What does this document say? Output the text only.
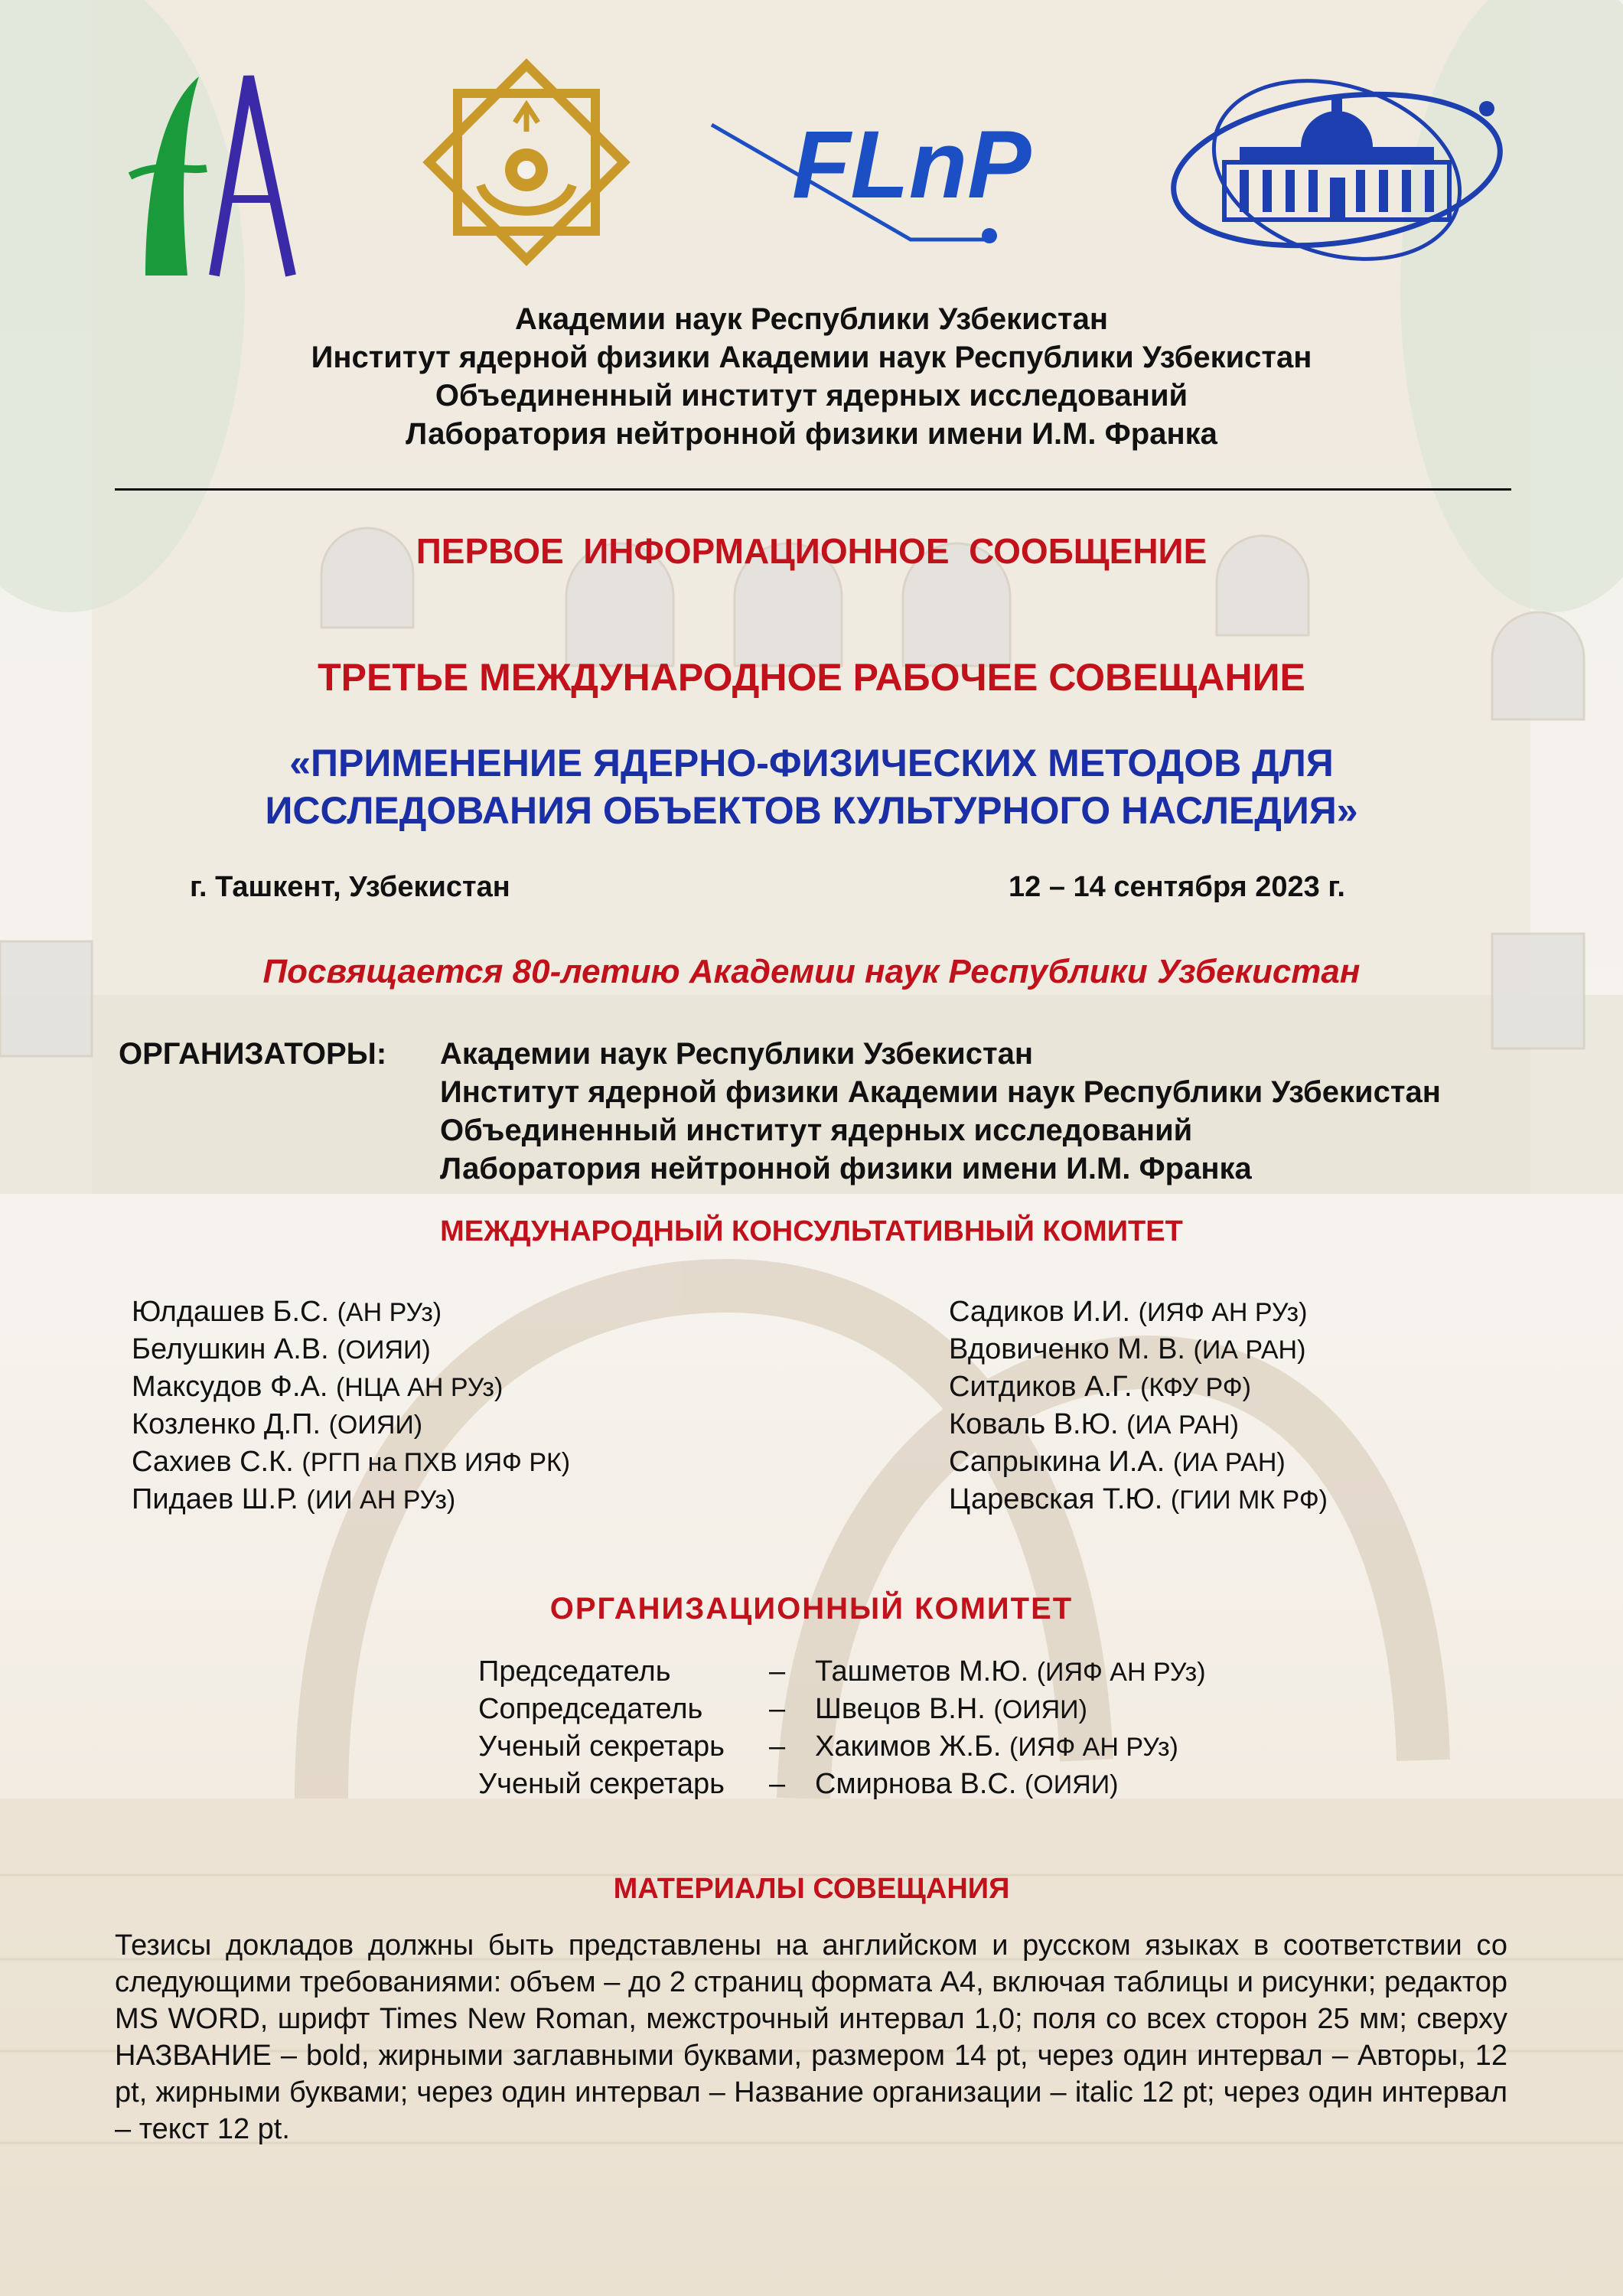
FLnP
Академии наук Республики Узбекистан
Институт ядерной физики Академии наук Республики Узбекистан
Объединенный институт ядерных исследований
Лаборатория нейтронной физики имени И.М. Франка
ПЕРВОЕ  ИНФОРМАЦИОННОЕ  СООБЩЕНИЕ
ТРЕТЬЕ МЕЖДУНАРОДНОЕ РАБОЧЕЕ СОВЕЩАНИЕ
«ПРИМЕНЕНИЕ ЯДЕРНО-ФИЗИЧЕСКИХ МЕТОДОВ ДЛЯ
ИССЛЕДОВАНИЯ ОБЪЕКТОВ КУЛЬТУРНОГО НАСЛЕДИЯ»
г. Ташкент, Узбекистан	12 – 14 сентября 2023 г.
Посвящается 80-летию Академии наук Республики Узбекистан
ОРГАНИЗАТОРЫ: Академии наук Республики Узбекистан
Институт ядерной физики Академии наук Республики Узбекистан
Объединенный институт ядерных исследований
Лаборатория нейтронной физики имени И.М. Франка
МЕЖДУНАРОДНЫЙ КОНСУЛЬТАТИВНЫЙ КОМИТЕТ
Юлдашев Б.С. (АН РУз)
Белушкин А.В. (ОИЯИ)
Максудов Ф.А. (НЦА АН РУз)
Козленко Д.П. (ОИЯИ)
Сахиев С.К. (РГП на ПХВ ИЯФ РК)
Пидаев Ш.Р. (ИИ АН РУз)
Садиков И.И. (ИЯФ АН РУз)
Вдовиченко М. В. (ИА РАН)
Ситдиков А.Г. (КФУ РФ)
Коваль В.Ю. (ИА РАН)
Сапрыкина И.А. (ИА РАН)
Царевская Т.Ю. (ГИИ МК РФ)
ОРГАНИЗАЦИОННЫЙ КОМИТЕТ
Председатель	–	Ташметов М.Ю. (ИЯФ АН РУз)
Сопредседатель	–	Швецов В.Н. (ОИЯИ)
Ученый секретарь	–	Хакимов Ж.Б. (ИЯФ АН РУз)
Ученый секретарь	–	Смирнова В.С. (ОИЯИ)
МАТЕРИАЛЫ СОВЕЩАНИЯ
Тезисы докладов должны быть представлены на английском и русском языках в соответствии со следующими требованиями: объем – до 2 страниц формата А4, включая таблицы и рисунки; редактор MS WORD, шрифт Times New Roman, межстрочный интервал 1,0; поля со всех сторон 25 мм; сверху НАЗВАНИЕ – bold, жирными заглавными буквами, размером 14 pt, через один интервал – Авторы, 12 pt, жирными буквами; через один интервал – Название организации – italic 12 pt; через один интервал – текст 12 pt.
